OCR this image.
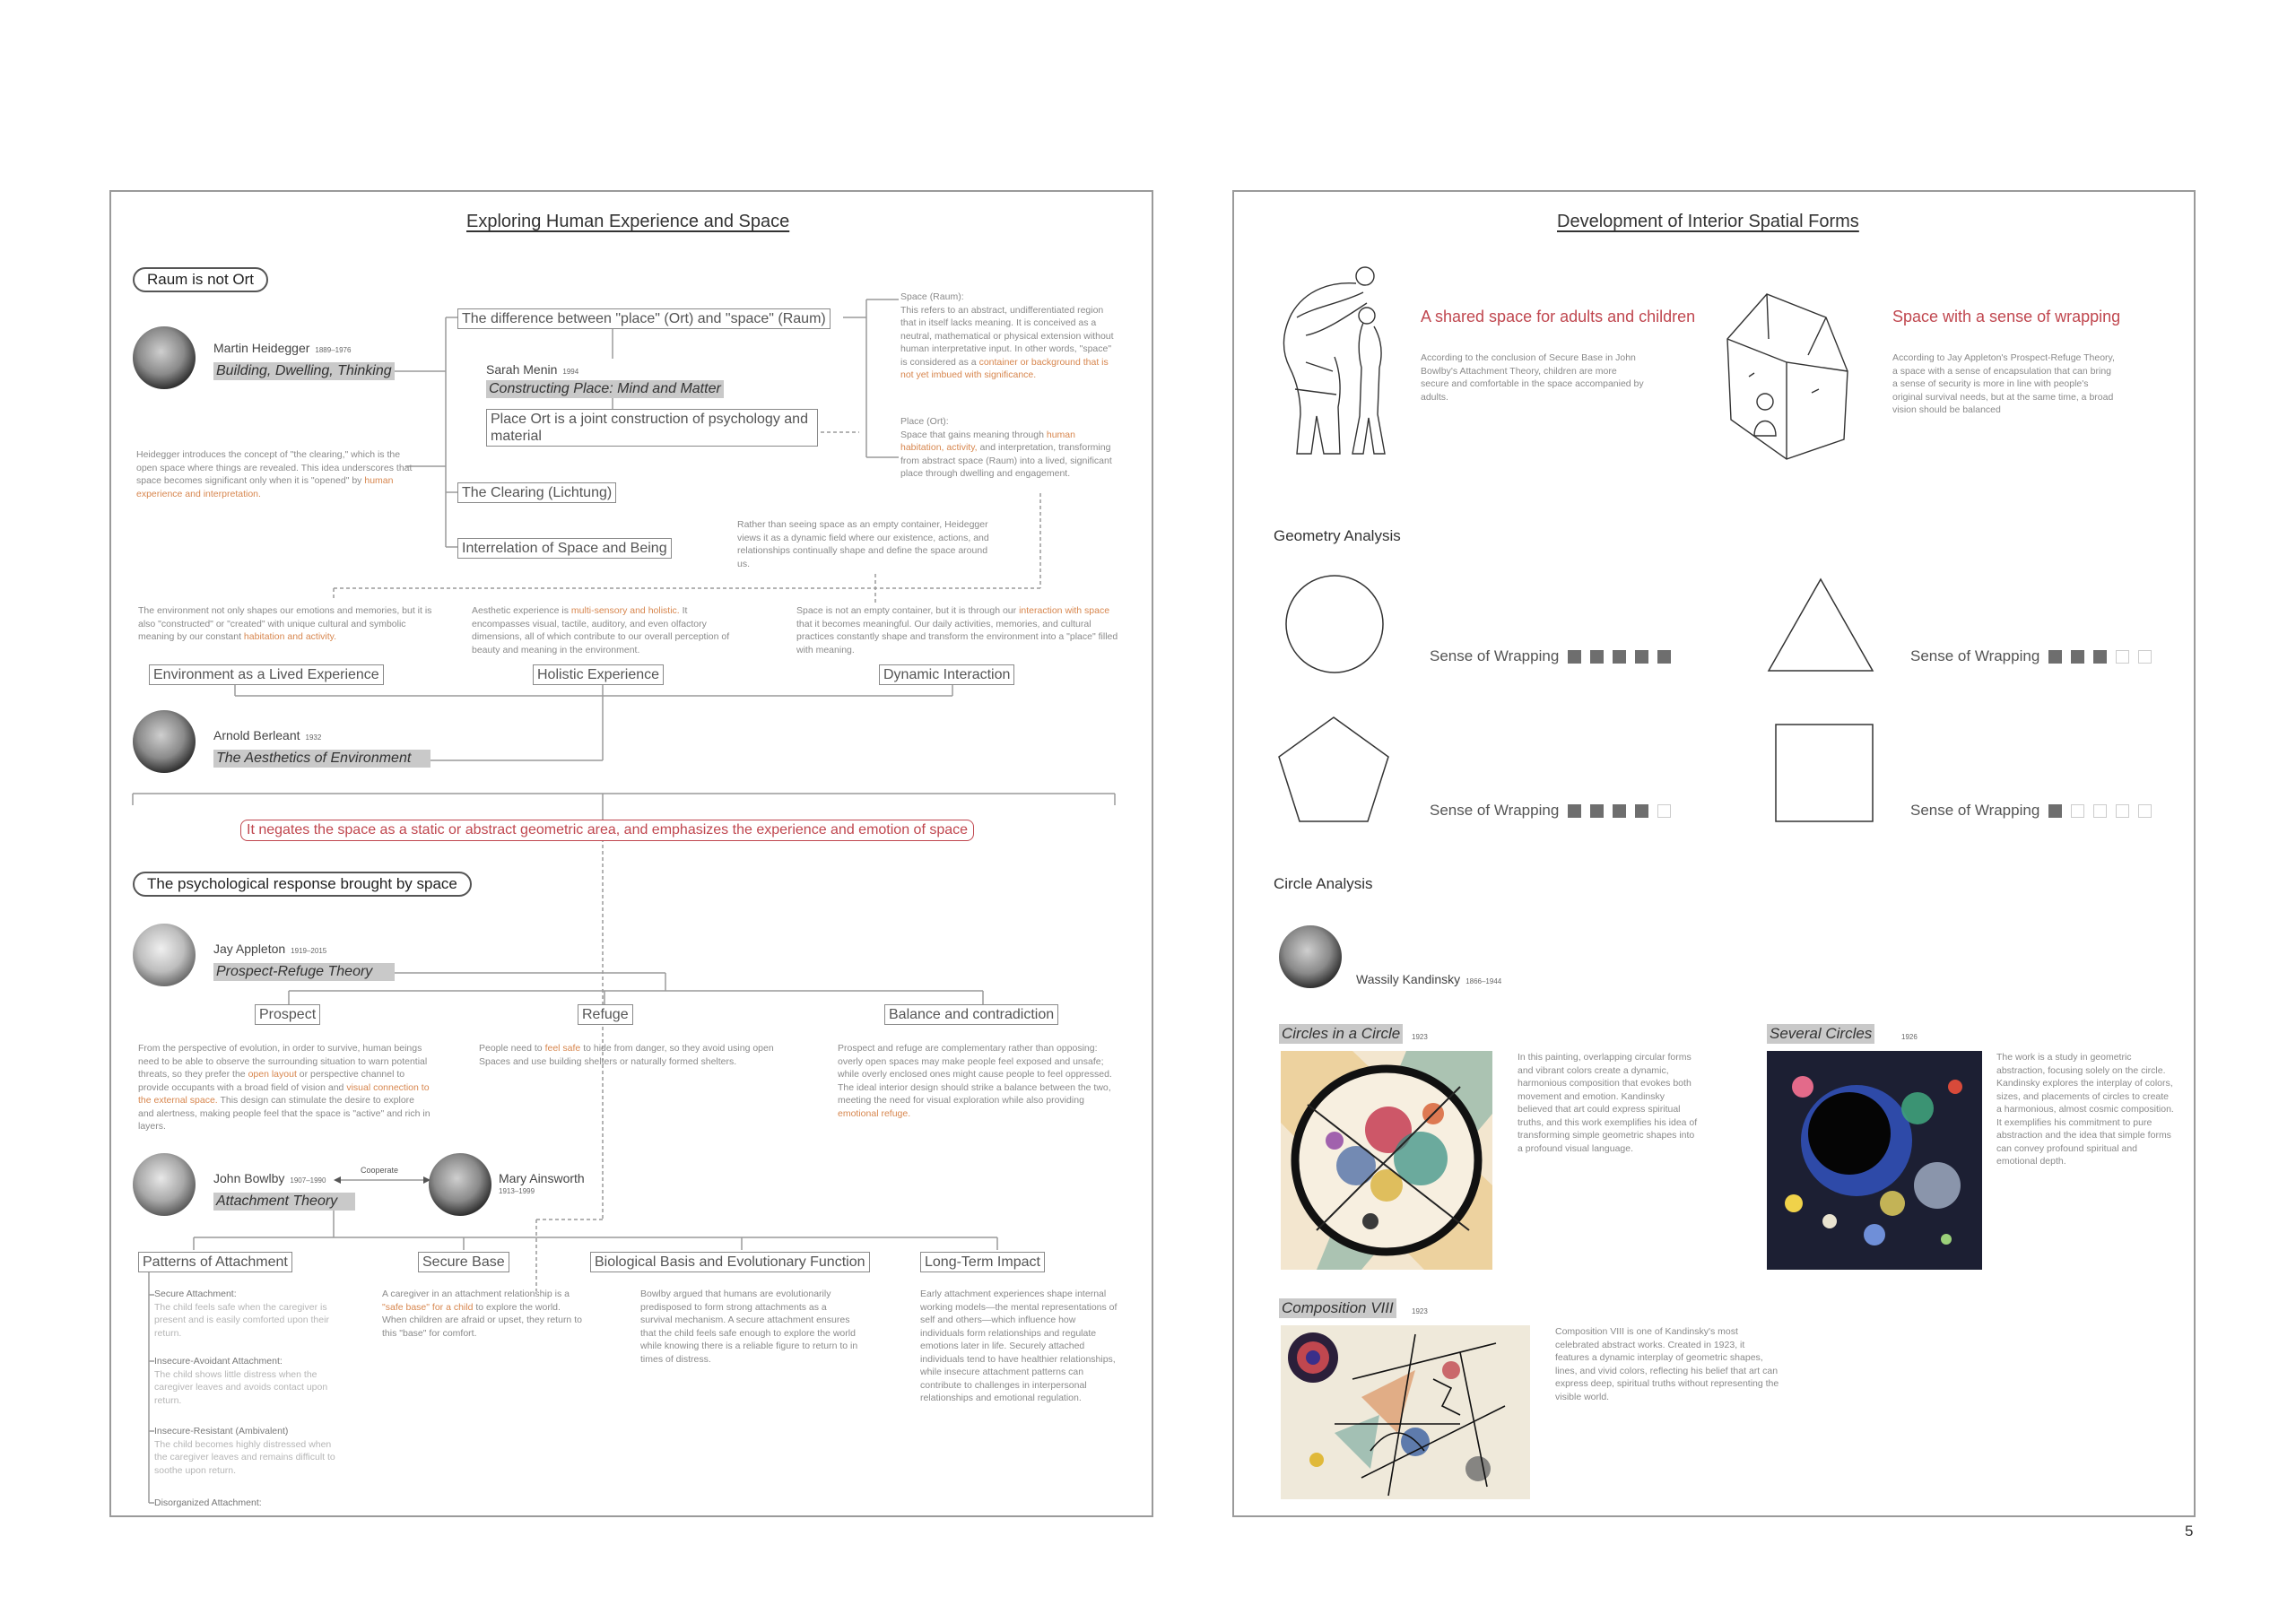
Exploring Human Experience and Space
Raum is not Ort
Martin Heidegger 1889–1976
Building, Dwelling, Thinking
The difference between "place" (Ort) and "space" (Raum)
Sarah Menin 1994
Constructing Place: Mind and Matter
Place Ort is a joint construction of psychology and material
Space (Raum):
This refers to an abstract, undifferentiated region that in itself lacks meaning. It is conceived as a neutral, mathematical or physical extension without human interpretative input. In other words, "space" is considered as a container or background that is not yet imbued with significance.
Place (Ort):
Space that gains meaning through human habitation, activity, and interpretation, transforming from abstract space (Raum) into a lived, significant place through dwelling and engagement.
Heidegger introduces the concept of "the clearing," which is the open space where things are revealed. This idea underscores that space becomes significant only when it is "opened" by human experience and interpretation.	The Clearing (Lichtung)
Interrelation of Space and Being
Rather than seeing space as an empty container, Heidegger views it as a dynamic field where our existence, actions, and relationships continually shape and define the space around us.
The environment not only shapes our emotions and memories, but it is also "constructed" or "created" with unique cultural and symbolic meaning by our constant habitation and activity.
Aesthetic experience is multi-sensory and holistic. It encompasses visual, tactile, auditory, and even olfactory dimensions, all of which contribute to our overall perception of beauty and meaning in the environment.
Space is not an empty container, but it is through our interaction with space that it becomes meaningful. Our daily activities, memories, and cultural practices constantly shape and transform the environment into a "place" filled with meaning.
Environment as a Lived Experience	Holistic Experience	Dynamic Interaction
Arnold Berleant 1932
The Aesthetics of Environment
It negates the space as a static or abstract geometric area, and emphasizes the experience and emotion of space
The psychological response brought by space
Jay Appleton 1919–2015
Prospect-Refuge Theory
Prospect	Refuge	Balance and contradiction
From the perspective of evolution, in order to survive, human beings need to be able to observe the surrounding situation to warn potential threats, so they prefer the open layout or perspective channel to provide occupants with a broad field of vision and visual connection to the external space. This design can stimulate the desire to explore and alertness, making people feel that the space is "active" and rich in layers.
People need to feel safe to hide from danger, so they avoid using open Spaces and use building shelters or naturally formed shelters.
Prospect and refuge are complementary rather than opposing: overly open spaces may make people feel exposed and unsafe; while overly enclosed ones might cause people to feel oppressed. The ideal interior design should strike a balance between the two, meeting the need for visual exploration while also providing emotional refuge.
John Bowlby 1907–1990
Attachment Theory
Cooperate
Mary Ainsworth
1913–1999
Patterns of Attachment	Secure Base	Biological Basis and Evolutionary Function	Long-Term Impact
Secure Attachment:
The child feels safe when the caregiver is present and is easily comforted upon their return.
Insecure-Avoidant Attachment:
The child shows little distress when the caregiver leaves and avoids contact upon return.
Insecure-Resistant (Ambivalent)
The child becomes highly distressed when the caregiver leaves and remains difficult to soothe upon return.
Disorganized Attachment:
A caregiver in an attachment relationship is a "safe base" for a child to explore the world. When children are afraid or upset, they return to this "base" for comfort.
Bowlby argued that humans are evolutionarily predisposed to form strong attachments as a survival mechanism. A secure attachment ensures that the child feels safe enough to explore the world while knowing there is a reliable figure to return to in times of distress.
Early attachment experiences shape internal working models—the mental representations of self and others—which influence how individuals form relationships and regulate emotions later in life. Securely attached individuals tend to have healthier relationships, while insecure attachment patterns can contribute to challenges in interpersonal relationships and emotional regulation.
Development of Interior Spatial Forms
A shared space for adults and children
According to the conclusion of Secure Base in John Bowlby's Attachment Theory, children are more secure and comfortable in the space accompanied by adults.
Space with a sense of wrapping
According to Jay Appleton's Prospect-Refuge Theory, a space with a sense of encapsulation that can bring a sense of security is more in line with people's original survival needs, but at the same time, a broad vision should be balanced
Geometry Analysis
Sense of Wrapping	Sense of Wrapping
Sense of Wrapping	Sense of Wrapping
Circle Analysis
Wassily Kandinsky 1866–1944
Circles in a Circle	1923
In this painting, overlapping circular forms and vibrant colors create a dynamic, harmonious composition that evokes both movement and emotion. Kandinsky believed that art could express spiritual truths, and this work exemplifies his idea of transforming simple geometric shapes into a profound visual language.
Several Circles	1926
The work is a study in geometric abstraction, focusing solely on the circle. Kandinsky explores the interplay of colors, sizes, and placements of circles to create a harmonious, almost cosmic composition. It exemplifies his commitment to pure abstraction and the idea that simple forms can convey profound spiritual and emotional depth.
Composition VIII	1923
Composition VIII is one of Kandinsky's most celebrated abstract works. Created in 1923, it features a dynamic interplay of geometric shapes, lines, and vivid colors, reflecting his belief that art can express deep, spiritual truths without representing the visible world.
5
